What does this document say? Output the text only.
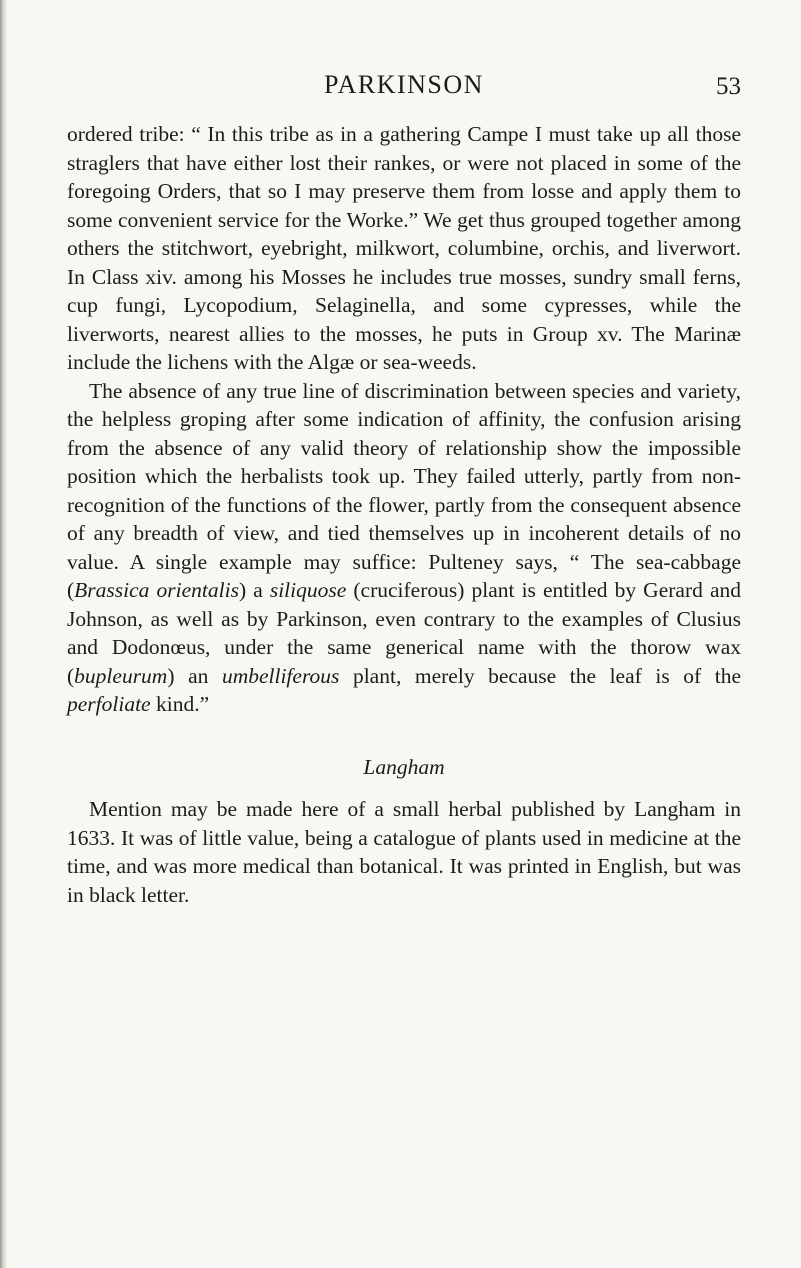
PARKINSON	53

ordered tribe: “ In this tribe as in a gathering Campe I must take up all those straglers that have either lost their rankes, or were not placed in some of the foregoing Orders, that so I may preserve them from losse and apply them to some convenient service for the Worke.” We get thus grouped together among others the stitchwort, eyebright, milkwort, columbine, orchis, and liverwort. In Class xiv. among his Mosses he includes true mosses, sundry small ferns, cup fungi, Lycopodium, Selaginella, and some cypresses, while the liverworts, nearest allies to the mosses, he puts in Group xv. The Marinæ include the lichens with the Algæ or sea-weeds.

The absence of any true line of discrimination between species and variety, the helpless groping after some indication of affinity, the confusion arising from the absence of any valid theory of relationship show the impossible position which the herbalists took up. They failed utterly, partly from non-recognition of the functions of the flower, partly from the consequent absence of any breadth of view, and tied themselves up in incoherent details of no value. A single example may suffice: Pulteney says, “ The sea-cabbage (Brassica orientalis) a siliquose (cruciferous) plant is entitled by Gerard and Johnson, as well as by Parkinson, even contrary to the examples of Clusius and Dodonœus, under the same generical name with the thorow wax (bupleurum) an umbelliferous plant, merely because the leaf is of the perfoliate kind.”

Langham

Mention may be made here of a small herbal published by Langham in 1633. It was of little value, being a catalogue of plants used in medicine at the time, and was more medical than botanical. It was printed in English, but was in black letter.
